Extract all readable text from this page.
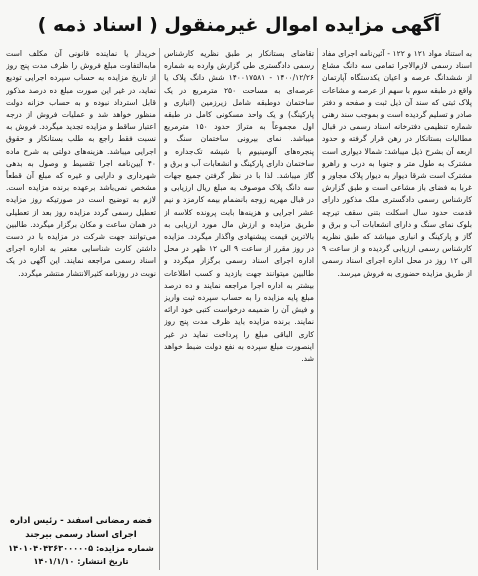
آگهی مزایده اموال غیرمنقول ( اسناد ذمه )

به استناد مواد ۱۲۱ و ۱۲۲ - آئین‌نامه اجرای مفاد اسناد رسمی لازم‌الاجرا تمامی سه دانگ مشاع از ششدانگ عرصه و اعیان یکدستگاه آپارتمان واقع در طبقه سوم با سهم از عرصه و مشاعات پلاک ثبتی که سند آن ذیل ثبت و صفحه و دفتر صادر و تسلیم گردیده است و بموجب سند رهنی شماره تنظیمی دفترخانه اسناد رسمی در قبال مطالبات بستانکار در رهن قرار گرفته و حدود اربعه آن بشرح ذیل میباشد: شمالا دیواری است مشترک به طول متر و جنوبا به درب و راهرو مشترک است شرقا دیوار به دیوار پلاک مجاور و غربا به فضای باز مشاعی است و طبق گزارش کارشناس رسمی دادگستری ملک مذکور دارای قدمت حدود سال اسکلت بتنی سقف تیرچه بلوک نمای سنگ و دارای انشعابات آب و برق و گاز و پارکینگ و انباری میباشد که طبق نظریه کارشناس رسمی ارزیابی گردیده و از ساعت ۹ الی ۱۲ روز در محل اداره اجرای اسناد رسمی از طریق مزایده حضوری به فروش میرسد.

تقاضای بستانکار بر طبق نظریه کارشناس رسمی دادگستری طی گزارش وارده به شماره ۱۴۰۰/۱۲/۲۶ - ۱۴۰۰۱۷۵۸۱ شش دانگ پلاک یا عرصه‌ای به مساحت ۲۵۰ مترمربع در یک ساختمان دوطبقه شامل زیرزمین (انباری و پارکینگ) و یک واحد مسکونی کامل در طبقه اول مجموعاً به متراژ حدود ۱۵۰ مترمربع میباشد. نمای بیرونی ساختمان سنگ و پنجره‌های آلومینیوم با شیشه تک‌جداره و ساختمان دارای پارکینگ و انشعابات آب و برق و گاز میباشد. لذا با در نظر گرفتن جمیع جهات سه دانگ پلاک موصوف به مبلغ ریال ارزیابی و در قبال مهریه زوجه بانضمام بیمه کارمزد و نیم عشر اجرایی و هزینه‌ها بابت پرونده کلاسه از طریق مزایده و ارزش مال مورد ارزیابی به بالاترین قیمت پیشنهادی واگذار میگردد. مزایده در روز مقرر از ساعت ۹ الی ۱۲ ظهر در محل اداره اجرای اسناد رسمی برگزار میگردد و طالبین میتوانند جهت بازدید و کسب اطلاعات بیشتر به اداره اجرا مراجعه نمایند و ده درصد مبلغ پایه مزایده را به حساب سپرده ثبت واریز و فیش آن را ضمیمه درخواست کتبی خود ارائه نمایند. برنده مزایده باید ظرف مدت پنج روز کاری الباقی مبلغ را پرداخت نماید در غیر اینصورت مبلغ سپرده به نفع دولت ضبط خواهد شد.

خریدار یا نماینده قانونی آن مکلف است مابه‌التفاوت مبلغ فروش را ظرف مدت پنج روز از تاریخ مزایده به حساب سپرده اجرایی تودیع نماید، در غیر این صورت مبلغ ده درصد مذکور قابل استرداد نبوده و به حساب خزانه دولت منظور خواهد شد و عملیات فروش از درجه اعتبار ساقط و مزایده تجدید میگردد. فروش به نسبت فقط راجع به طلب بستانکار و حقوق اجرایی میباشد. هزینه‌های دولتی به شرح ماده ۴۰ آیین‌نامه اجرا تقسیط و وصول به بدهی شهرداری و دارایی و غیره که مبلغ آن قطعاً مشخص نمی‌باشد برعهده برنده مزایده است. لازم به توضیح است در صورتیکه روز مزایده تعطیل رسمی گردد مزایده روز بعد از تعطیلی در همان ساعت و مکان برگزار میگردد. طالبین می‌توانند جهت شرکت در مزایده با در دست داشتن کارت شناسایی معتبر به اداره اجرای اسناد رسمی مراجعه نمایند. این آگهی در یک نوبت در روزنامه کثیرالانتشار منتشر میگردد.

فضه رمضانی اسفند - رئیس اداره
اجرای اسناد رسمی بیرجند
شماره مزایده: ۱۴۰۱۰۴۰۴۳۶۳۰۰۰۰۰۵
تاریخ انتشار: ۱۴۰۱/۱/۱۰
